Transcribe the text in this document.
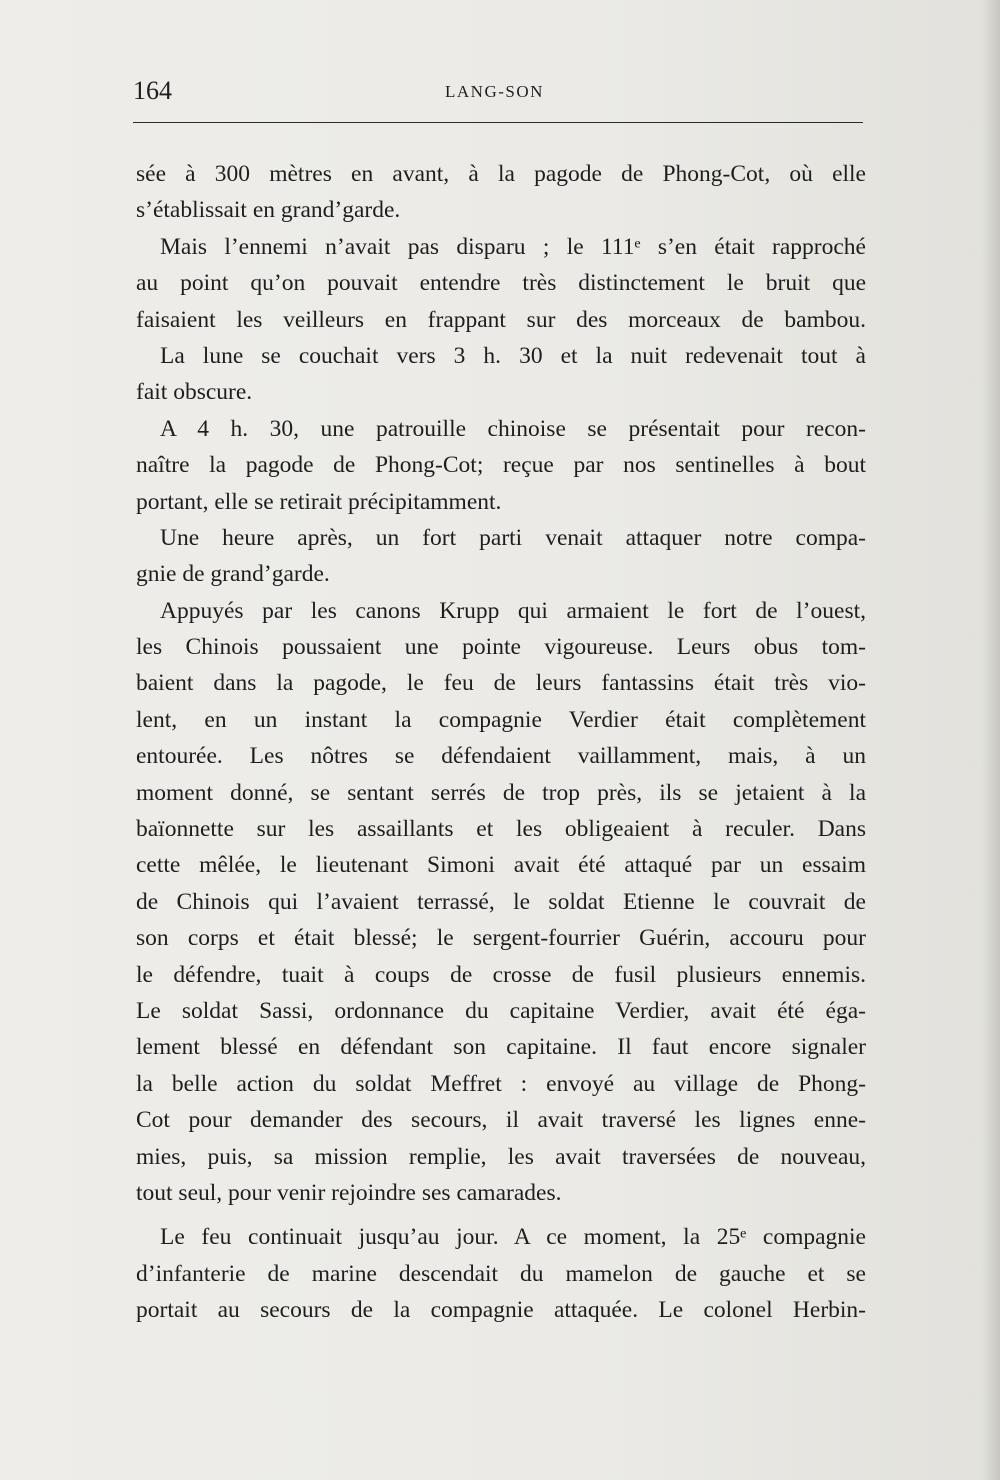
164	LANG-SON
sée à 300 mètres en avant, à la pagode de Phong-Cot, où elle
s’établissait en grand’garde.
Mais l’ennemi n’avait pas disparu ; le 111ᵉ s’en était rapproché
au point qu’on pouvait entendre très distinctement le bruit que
faisaient les veilleurs en frappant sur des morceaux de bambou.
La lune se couchait vers 3 h. 30 et la nuit redevenait tout à
fait obscure.
A 4 h. 30, une patrouille chinoise se présentait pour recon-
naître la pagode de Phong-Cot; reçue par nos sentinelles à bout
portant, elle se retirait précipitamment.
Une heure après, un fort parti venait attaquer notre compa-
gnie de grand’garde.
Appuyés par les canons Krupp qui armaient le fort de l’ouest,
les Chinois poussaient une pointe vigoureuse. Leurs obus tom-
baient dans la pagode, le feu de leurs fantassins était très vio-
lent, en un instant la compagnie Verdier était complètement
entourée. Les nôtres se défendaient vaillamment, mais, à un
moment donné, se sentant serrés de trop près, ils se jetaient à la
baïonnette sur les assaillants et les obligeaient à reculer. Dans
cette mêlée, le lieutenant Simoni avait été attaqué par un essaim
de Chinois qui l’avaient terrassé, le soldat Etienne le couvrait de
son corps et était blessé; le sergent-fourrier Guérin, accouru pour
le défendre, tuait à coups de crosse de fusil plusieurs ennemis.
Le soldat Sassi, ordonnance du capitaine Verdier, avait été éga-
lement blessé en défendant son capitaine. Il faut encore signaler
la belle action du soldat Meffret : envoyé au village de Phong-
Cot pour demander des secours, il avait traversé les lignes enne-
mies, puis, sa mission remplie, les avait traversées de nouveau,
tout seul, pour venir rejoindre ses camarades.
Le feu continuait jusqu’au jour. A ce moment, la 25ᵉ compagnie
d’infanterie de marine descendait du mamelon de gauche et se
portait au secours de la compagnie attaquée. Le colonel Herbin-
